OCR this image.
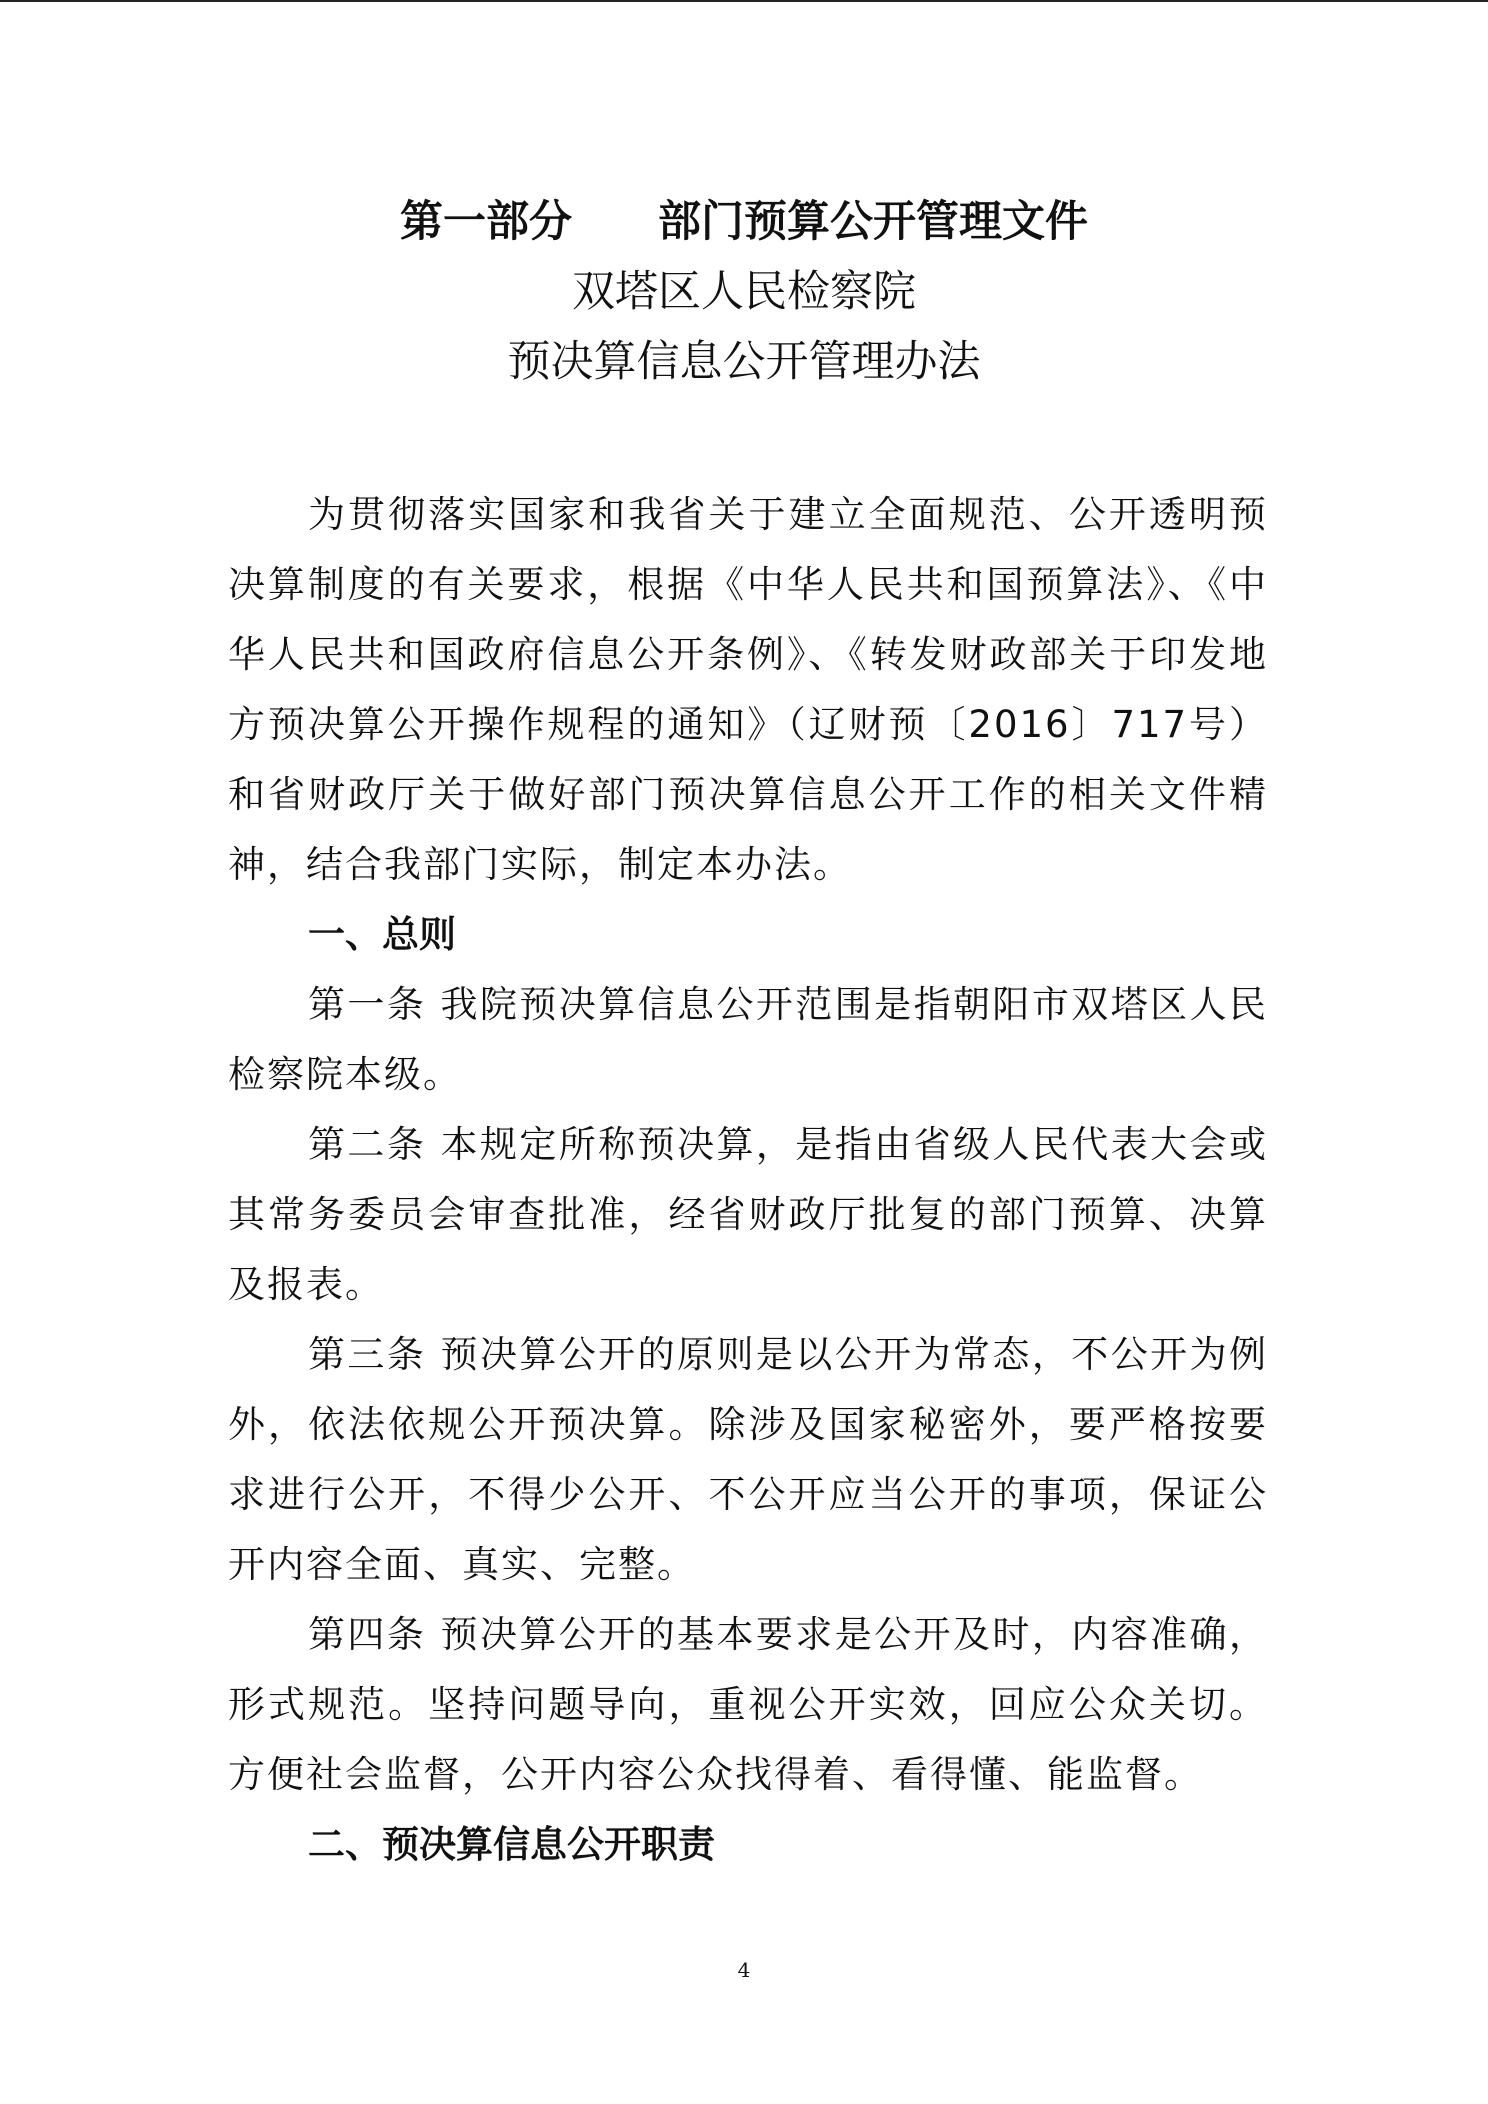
第一部分　　部门预算公开管理文件
双塔区人民检察院
预决算信息公开管理办法

为贯彻落实国家和我省关于建立全面规范、公开透明预决算制度的有关要求，根据《中华人民共和国预算法》、《中华人民共和国政府信息公开条例》、《转发财政部关于印发地方预决算公开操作规程的通知》（辽财预〔2016〕717号）和省财政厅关于做好部门预决算信息公开工作的相关文件精神，结合我部门实际，制定本办法。

一、总则

第一条 我院预决算信息公开范围是指朝阳市双塔区人民检察院本级。

第二条 本规定所称预决算，是指由省级人民代表大会或其常务委员会审查批准，经省财政厅批复的部门预算、决算及报表。

第三条 预决算公开的原则是以公开为常态，不公开为例外，依法依规公开预决算。除涉及国家秘密外，要严格按要求进行公开，不得少公开、不公开应当公开的事项，保证公开内容全面、真实、完整。

第四条 预决算公开的基本要求是公开及时，内容准确，形式规范。坚持问题导向，重视公开实效，回应公众关切。方便社会监督，公开内容公众找得着、看得懂、能监督。

二、预决算信息公开职责

4
